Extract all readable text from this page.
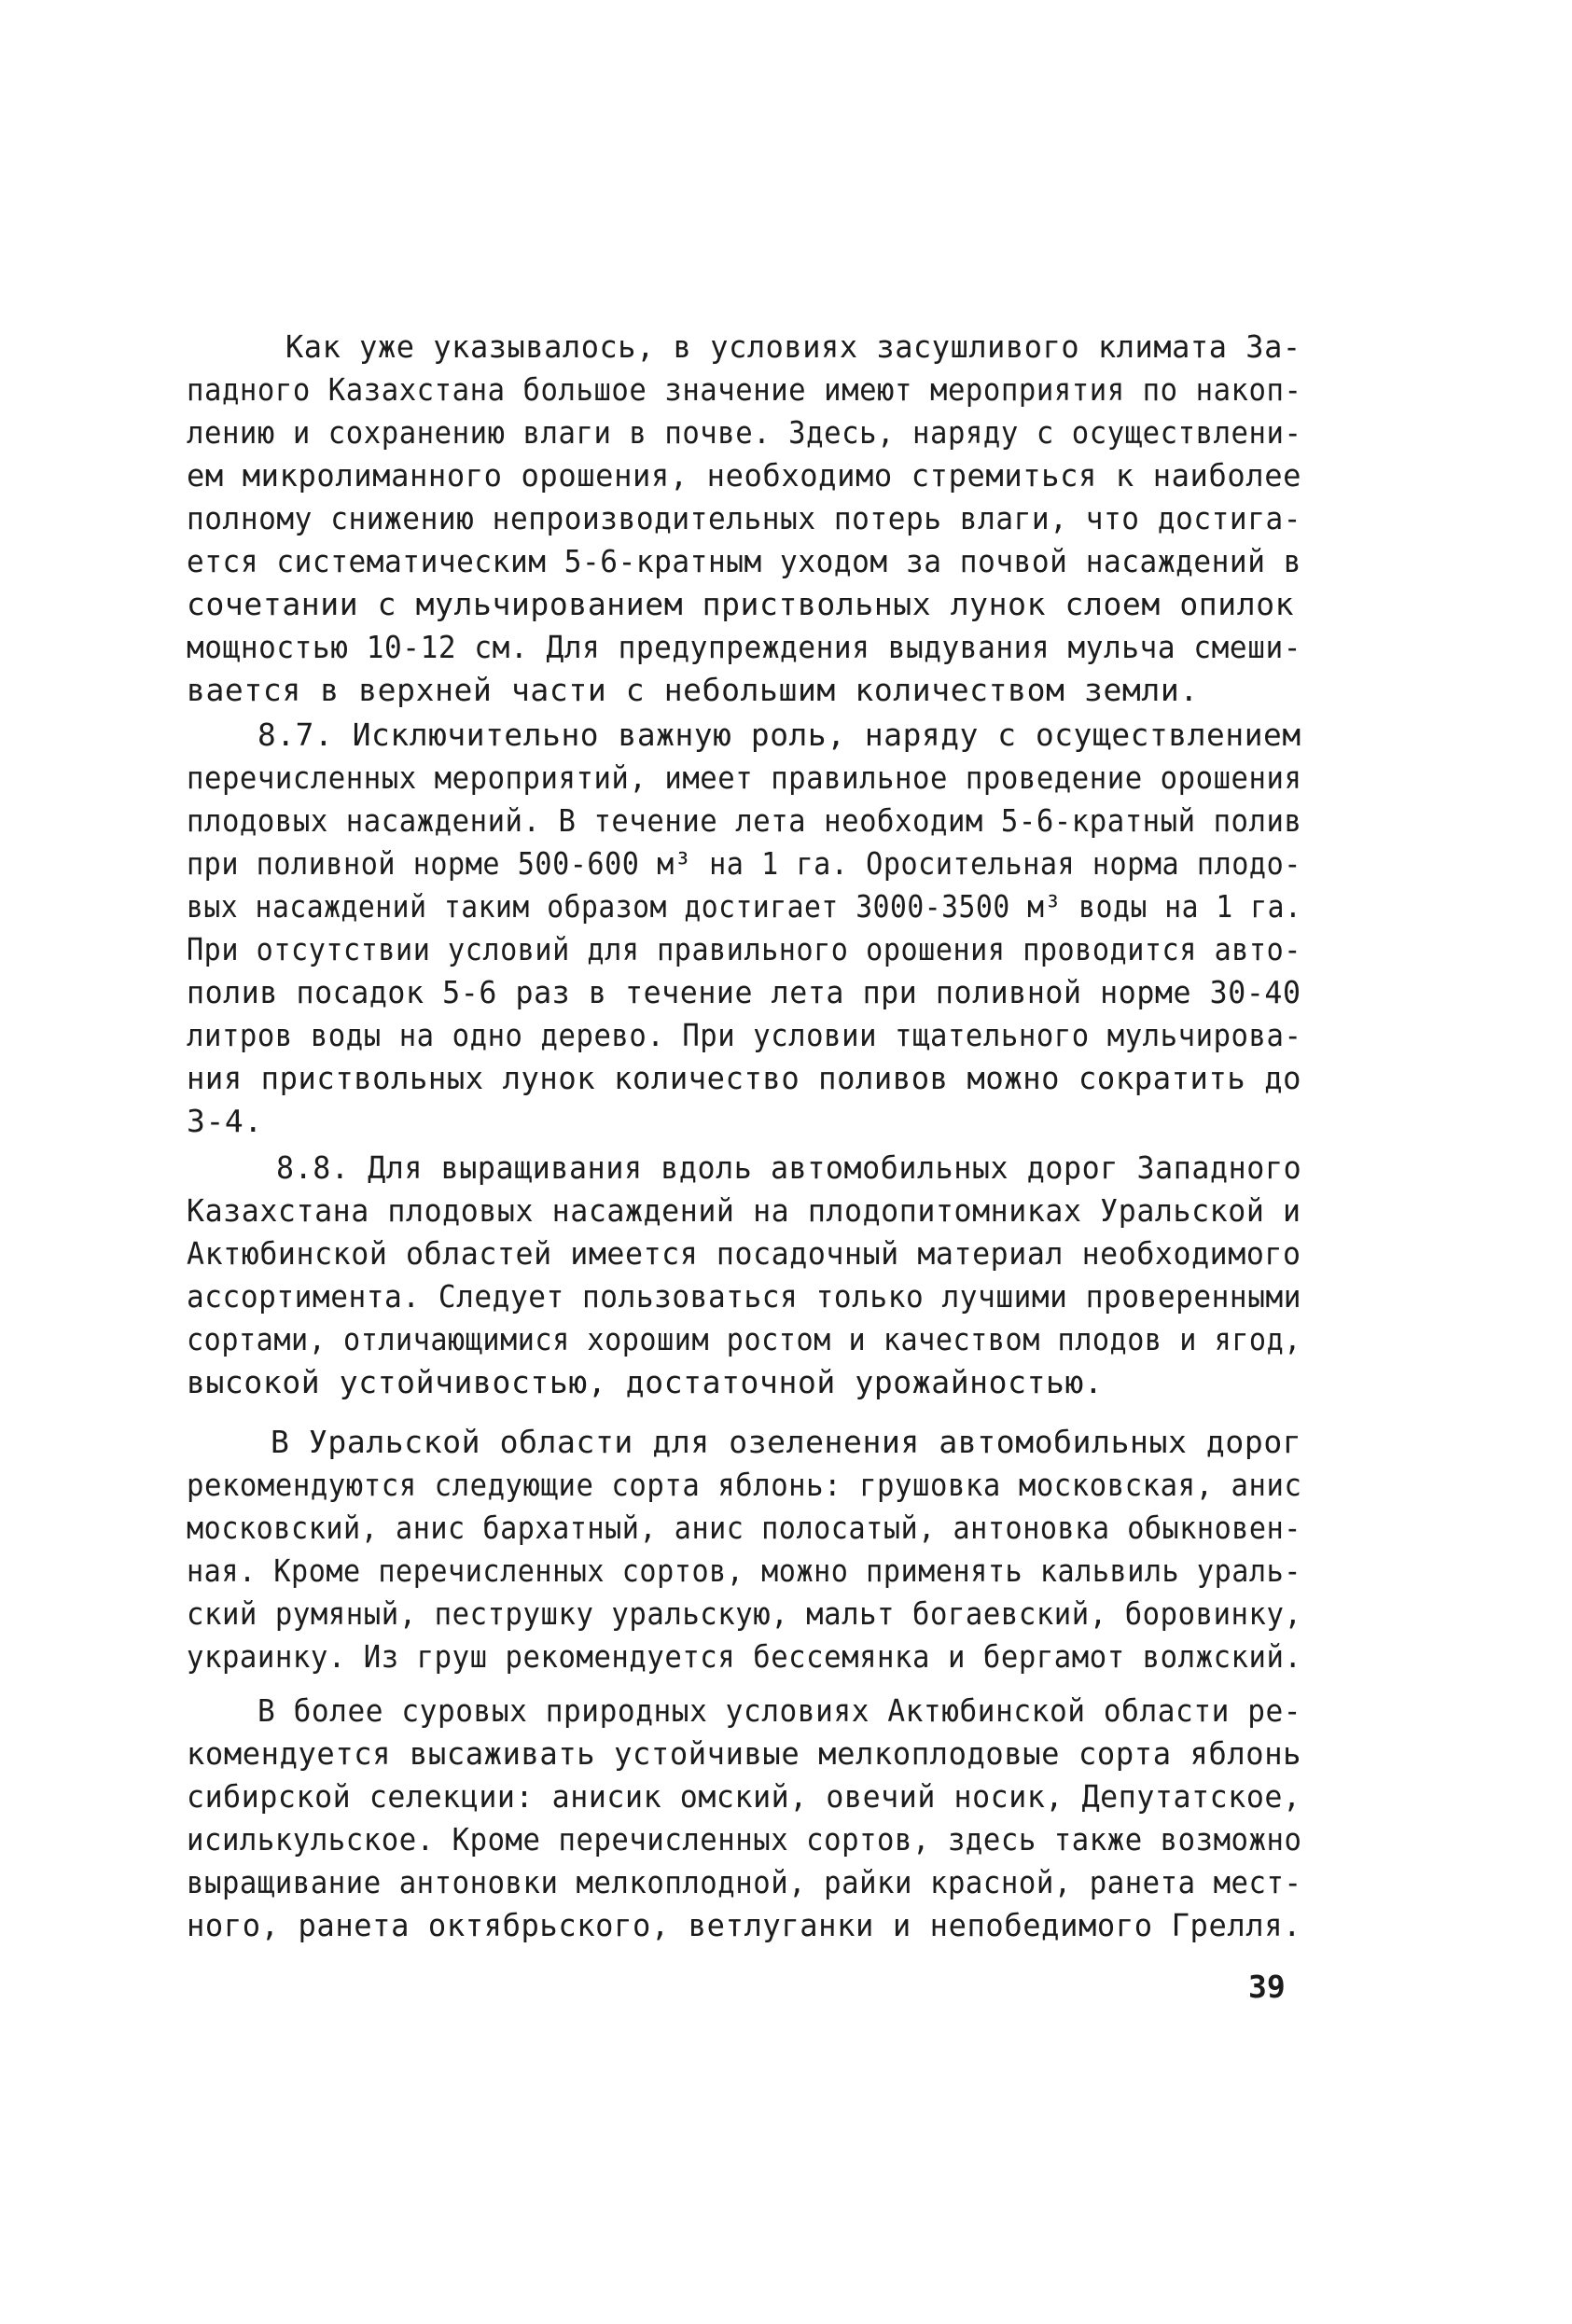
Как уже указывалось, в условиях засушливого климата За-
падного Казахстана большое значение имеют мероприятия по накоп-
лению и сохранению влаги в почве. Здесь, наряду с осуществлени-
ем микролиманного орошения, необходимо стремиться к наиболее
полному снижению непроизводительных потерь влаги, что достига-
ется систематическим 5-6-кратным уходом за почвой насаждений в
сочетании с мульчированием приствольных лунок слоем опилок
мощностью 10-12 см. Для предупреждения выдувания мульча смеши-
вается в верхней части с небольшим количеством земли.
8.7. Исключительно важную роль, наряду с осуществлением
перечисленных мероприятий, имеет правильное проведение орошения
плодовых насаждений. В течение лета необходим 5-6-кратный полив
при поливной норме 500-600 м³ на 1 га. Оросительная норма плодо-
вых насаждений таким образом достигает 3000-3500 м³ воды на 1 га.
При отсутствии условий для правильного орошения проводится авто-
полив посадок 5-6 раз в течение лета при поливной норме 30-40
литров воды на одно дерево. При условии тщательного мульчирова-
ния приствольных лунок количество поливов можно сократить до
3-4.
8.8. Для выращивания вдоль автомобильных дорог Западного
Казахстана плодовых насаждений на плодопитомниках Уральской и
Актюбинской областей имеется посадочный материал необходимого
ассортимента. Следует пользоваться только лучшими проверенными
сортами, отличающимися хорошим ростом и качеством плодов и ягод,
высокой устойчивостью, достаточной урожайностью.
В Уральской области для озеленения автомобильных дорог
рекомендуются следующие сорта яблонь: грушовка московская, анис
московский, анис бархатный, анис полосатый, антоновка обыкновен-
ная. Кроме перечисленных сортов, можно применять кальвиль ураль-
ский румяный, пеструшку уральскую, мальт богаевский, боровинку,
украинку. Из груш рекомендуется бессемянка и бергамот волжский.
В более суровых природных условиях Актюбинской области ре-
комендуется высаживать устойчивые мелкоплодовые сорта яблонь
сибирской селекции: анисик омский, овечий носик, Депутатское,
исилькульское. Кроме перечисленных сортов, здесь также возможно
выращивание антоновки мелкоплодной, райки красной, ранета мест-
ного, ранета октябрьского, ветлуганки и непобедимого Грелля.
39
